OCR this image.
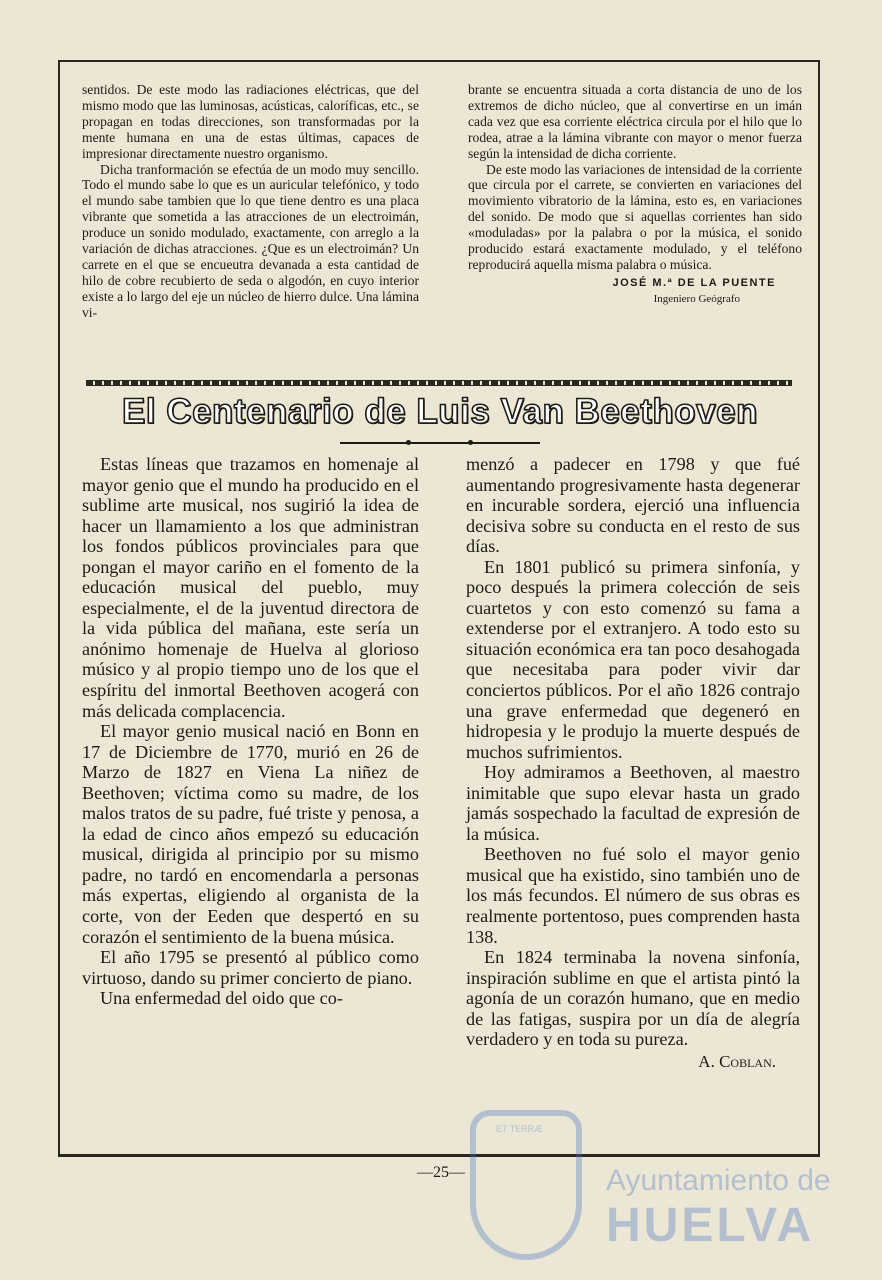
sentidos. De este modo las radiaciones eléctricas, que del mismo modo que las luminosas, acústicas, caloríficas, etc., se propagan en todas direcciones, son transformadas por la mente humana en una de estas últimas, capaces de impresionar directamente nuestro organismo.

Dicha tranformación se efectúa de un modo muy sencillo. Todo el mundo sabe lo que es un auricular telefónico, y todo el mundo sabe tambien que lo que tiene dentro es una placa vibrante que sometida a las atracciones de un electroimán, produce un sonido modulado, exactamente, con arreglo a la variación de dichas atracciones. ¿Que es un electroimán? Un carrete en el que se encueutra devanada a esta cantidad de hilo de cobre recubierto de seda o algodón, en cuyo interior existe a lo largo del eje un núcleo de hierro dulce. Una lámina vi-

brante se encuentra situada a corta distancia de uno de los extremos de dicho núcleo, que al convertirse en un imán cada vez que esa corriente eléctrica circula por el hilo que lo rodea, atrae a la lámina vibrante con mayor o menor fuerza según la intensidad de dicha corriente.

De este modo las variaciones de intensidad de la corriente que circula por el carrete, se convierten en variaciones del movimiento vibratorio de la lámina, esto es, en variaciones del sonido. De modo que si aquellas corrientes han sido «moduladas» por la palabra o por la música, el sonido producido estará exactamente modulado, y el teléfono reproducirá aquella misma palabra o música.

JOSÉ M.ª DE LA PUENTE
Ingeniero Geógrafo
El Centenario de Luis Van Beethoven

Estas líneas que trazamos en homenaje al mayor genio que el mundo ha producido en el sublime arte musical, nos sugirió la idea de hacer un llamamiento a los que administran los fondos públicos provinciales para que pongan el mayor cariño en el fomento de la educación musical del pueblo, muy especialmente, el de la juventud directora de la vida pública del mañana, este sería un anónimo homenaje de Huelva al glorioso músico y al propio tiempo uno de los que el espíritu del inmortal Beethoven acogerá con más delicada complacencia.

El mayor genio musical nació en Bonn en 17 de Diciembre de 1770, murió en 26 de Marzo de 1827 en Viena La niñez de Beethoven; víctima como su madre, de los malos tratos de su padre, fué triste y penosa, a la edad de cinco años empezó su educación musical, dirigida al principio por su mismo padre, no tardó en encomendarla a personas más expertas, eligiendo al organista de la corte, von der Eeden que despertó en su corazón el sentimiento de la buena música.

El año 1795 se presentó al público como virtuoso, dando su primer concierto de piano.

Una enfermedad del oido que co-

menzó a padecer en 1798 y que fué aumentando progresivamente hasta degenerar en incurable sordera, ejerció una influencia decisiva sobre su conducta en el resto de sus días.

En 1801 publicó su primera sinfonía, y poco después la primera colección de seis cuartetos y con esto comenzó su fama a extenderse por el extranjero. A todo esto su situación económica era tan poco desahogada que necesitaba para poder vivir dar conciertos públicos. Por el año 1826 contrajo una grave enfermedad que degeneró en hidropesia y le produjo la muerte después de muchos sufrimientos.

Hoy admiramos a Beethoven, al maestro inimitable que supo elevar hasta un grado jamás sospechado la facultad de expresión de la música.

Beethoven no fué solo el mayor genio musical que ha existido, sino también uno de los más fecundos. El número de sus obras es realmente portentoso, pues comprenden hasta 138.

En 1824 terminaba la novena sinfonía, inspiración sublime en que el artista pintó la agonía de un corazón humano, que en medio de las fatigas, suspira por un día de alegría verdadero y en toda su pureza.

A. Coblan.
—25—
ET TERRÆ
Ayuntamiento de
HUELVA
